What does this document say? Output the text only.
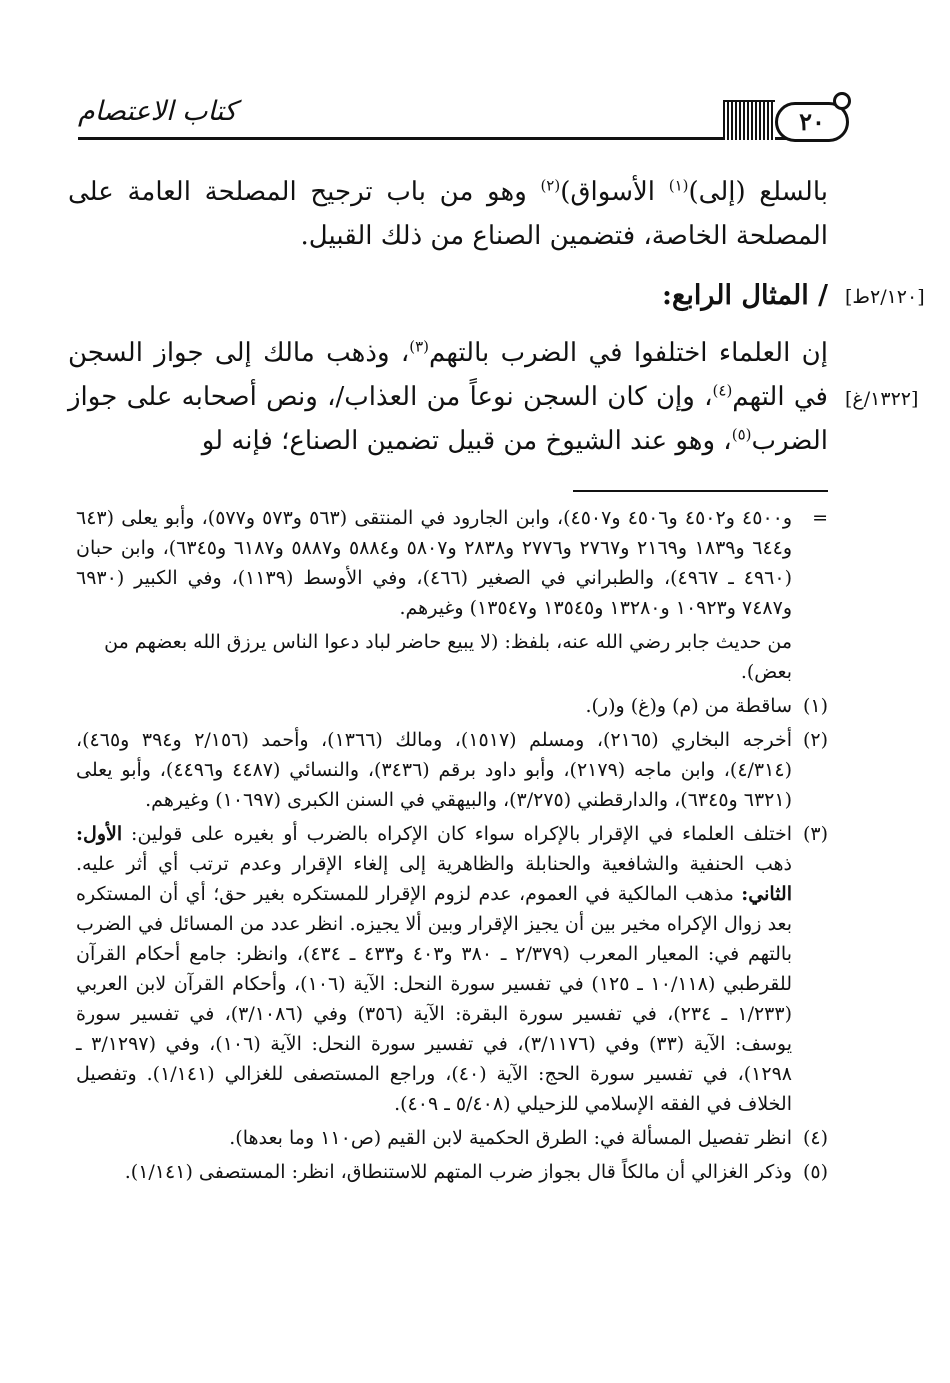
كتاب الاعتصام	٢٠
بالسلع (إلى)$^{(١)}$ الأسواق)$^{(٢)}$ وهو من باب ترجيح المصلحة العامة على المصلحة الخاصة، فتضمين الصناع من ذلك القبيل.
/ المثال الرابع: [٢/١٢٠ط]
[١٣٢٢/غ]
إن العلماء اختلفوا في الضرب بالتهم$^{(٣)}$، وذهب مالك إلى جواز السجن في التهم$^{(٤)}$، وإن كان السجن نوعاً من العذاب/، ونص أصحابه على جواز الضرب$^{(٥)}$، وهو عند الشيوخ من قبيل تضمين الصناع؛ فإنه لو
=
و٤٥٠٠ و٤٥٠٢ و٤٥٠٦ و٤٥٠٧)، وابن الجارود في المنتقى (٥٦٣ و٥٧٣ و٥٧٧)، وأبو يعلى (٦٤٣ و٦٤٤ و١٨٣٩ و٢١٦٩ و٢٧٦٧ و٢٧٧٦ و٢٨٣٨ و٥٨٠٧ و٥٨٨٤ و٥٨٨٧ و٦١٨٧ و٦٣٤٥)، وابن حبان (٤٩٦٠ ـ ٤٩٦٧)، والطبراني في الصغير (٤٦٦)، وفي الأوسط (١١٣٩)، وفي الكبير (٦٩٣٠ و٧٤٨٧ و١٠٩٢٣ و١٣٢٨٠ و١٣٥٤٥ و١٣٥٤٧) وغيرهم.
من حديث جابر رضي الله عنه، بلفظ: (لا يبيع حاضر لباد دعوا الناس يرزق الله بعضهم من بعض).
(١)
ساقطة من (م) و(غ) و(ر).
(٢)
أخرجه البخاري (٢١٦٥)، ومسلم (١٥١٧)، ومالك (١٣٦٦)، وأحمد (٢/١٥٦ و٣٩٤ و٤٦٥)، (٤/٣١٤)، وابن ماجه (٢١٧٩)، وأبو داود برقم (٣٤٣٦)، والنسائي (٤٤٨٧ و٤٤٩٦)، وأبو يعلى (٦٣٢١ و٦٣٤٥)، والدارقطني (٣/٢٧٥)، والبيهقي في السنن الكبرى (١٠٦٩٧) وغيرهم.
(٣)
اختلف العلماء في الإقرار بالإكراه سواء كان الإكراه بالضرب أو بغيره على قولين: الأول: ذهب الحنفية والشافعية والحنابلة والظاهرية إلى إلغاء الإقرار وعدم ترتب أي أثر عليه. الثاني: مذهب المالكية في العموم، عدم لزوم الإقرار للمستكره بغير حق؛ أي أن المستكره بعد زوال الإكراه مخير بين أن يجيز الإقرار وبين ألا يجيزه. انظر عدد من المسائل في الضرب بالتهم في: المعيار المعرب (٢/٣٧٩ ـ ٣٨٠ و٤٠٣ و٤٣٣ ـ ٤٣٤)، وانظر: جامع أحكام القرآن للقرطبي (١٠/١١٨ ـ ١٢٥) في تفسير سورة النحل: الآية (١٠٦)، وأحكام القرآن لابن العربي (١/٢٣٣ ـ ٢٣٤)، في تفسير سورة البقرة: الآية (٣٥٦) وفي (٣/١٠٨٦)، في تفسير سورة يوسف: الآية (٣٣) وفي (٣/١١٧٦)، في تفسير سورة النحل: الآية (١٠٦)، وفي (٣/١٢٩٧ ـ ١٢٩٨)، في تفسير سورة الحج: الآية (٤٠)، وراجع المستصفى للغزالي (١/١٤١). وتفصيل الخلاف في الفقه الإسلامي للزحيلي (٥/٤٠٨ ـ ٤٠٩).
(٤)
انظر تفصيل المسألة في: الطرق الحكمية لابن القيم (ص١١٠ وما بعدها).
(٥)
وذكر الغزالي أن مالكاً قال بجواز ضرب المتهم للاستنطاق، انظر: المستصفى (١/١٤١).
